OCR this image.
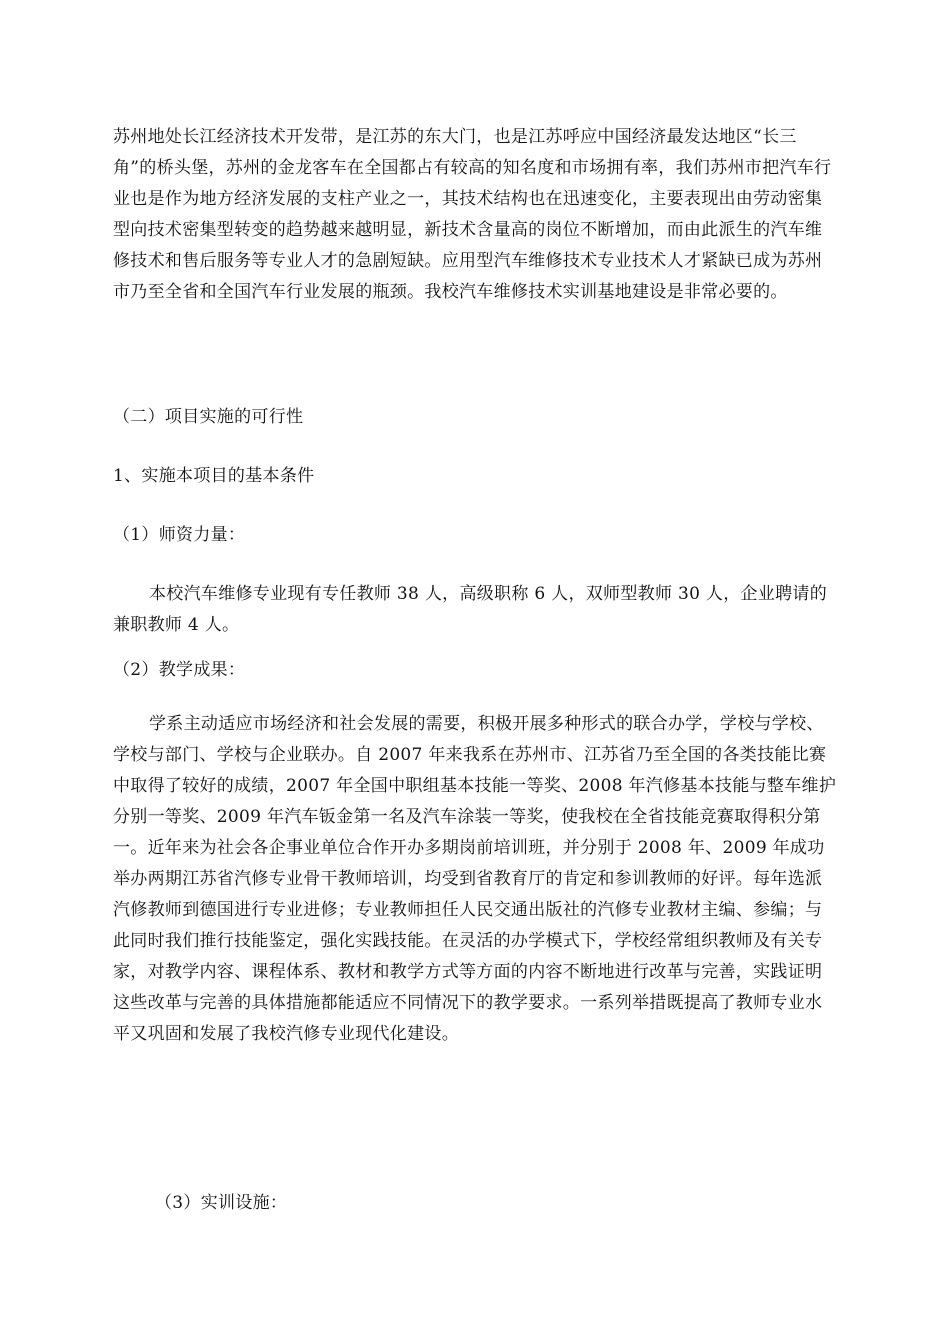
苏州地处长江经济技术开发带，是江苏的东大门，也是江苏呼应中国经济最发达地区“长三角”的桥头堡，苏州的金龙客车在全国都占有较高的知名度和市场拥有率，我们苏州市把汽车行业也是作为地方经济发展的支柱产业之一，其技术结构也在迅速变化，主要表现出由劳动密集型向技术密集型转变的趋势越来越明显，新技术含量高的岗位不断增加，而由此派生的汽车维修技术和售后服务等专业人才的急剧短缺。应用型汽车维修技术专业技术人才紧缺已成为苏州市乃至全省和全国汽车行业发展的瓶颈。我校汽车维修技术实训基地建设是非常必要的。

（二）项目实施的可行性

1、实施本项目的基本条件

（1）师资力量：

本校汽车维修专业现有专任教师 38 人，高级职称 6 人，双师型教师 30 人，企业聘请的兼职教师 4 人。

（2）教学成果：

学系主动适应市场经济和社会发展的需要，积极开展多种形式的联合办学，学校与学校、学校与部门、学校与企业联办。自 2007 年来我系在苏州市、江苏省乃至全国的各类技能比赛中取得了较好的成绩，2007 年全国中职组基本技能一等奖、2008 年汽修基本技能与整车维护分别一等奖、2009 年汽车钣金第一名及汽车涂装一等奖，使我校在全省技能竞赛取得积分第一。近年来为社会各企事业单位合作开办多期岗前培训班，并分别于 2008 年、2009 年成功举办两期江苏省汽修专业骨干教师培训，均受到省教育厅的肯定和参训教师的好评。每年选派汽修教师到德国进行专业进修；专业教师担任人民交通出版社的汽修专业教材主编、参编；与此同时我们推行技能鉴定，强化实践技能。在灵活的办学模式下，学校经常组织教师及有关专家，对教学内容、课程体系、教材和教学方式等方面的内容不断地进行改革与完善，实践证明这些改革与完善的具体措施都能适应不同情况下的教学要求。一系列举措既提高了教师专业水平又巩固和发展了我校汽修专业现代化建设。

（3）实训设施：
